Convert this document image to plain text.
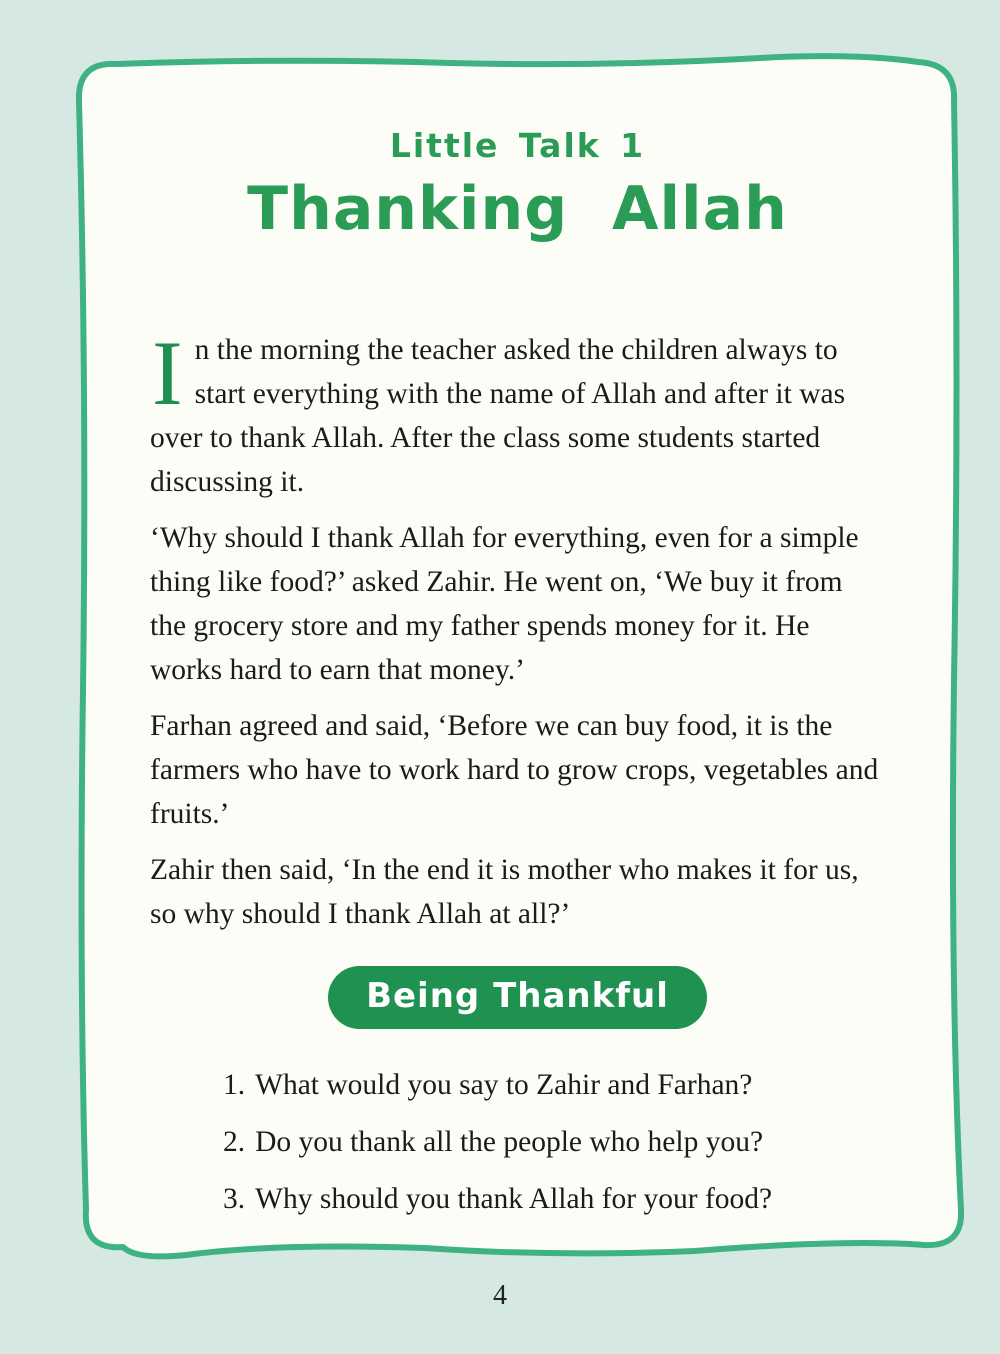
Little Talk 1
Thanking Allah

In the morning the teacher asked the children always to start everything with the name of Allah and after it was over to thank Allah. After the class some students started discussing it.

‘Why should I thank Allah for everything, even for a simple thing like food?’ asked Zahir. He went on, ‘We buy it from the grocery store and my father spends money for it. He works hard to earn that money.’

Farhan agreed and said, ‘Before we can buy food, it is the farmers who have to work hard to grow crops, vegetables and fruits.’

Zahir then said, ‘In the end it is mother who makes it for us, so why should I thank Allah at all?’

Being Thankful
1. What would you say to Zahir and Farhan?
2. Do you thank all the people who help you?
3. Why should you thank Allah for your food?
4
